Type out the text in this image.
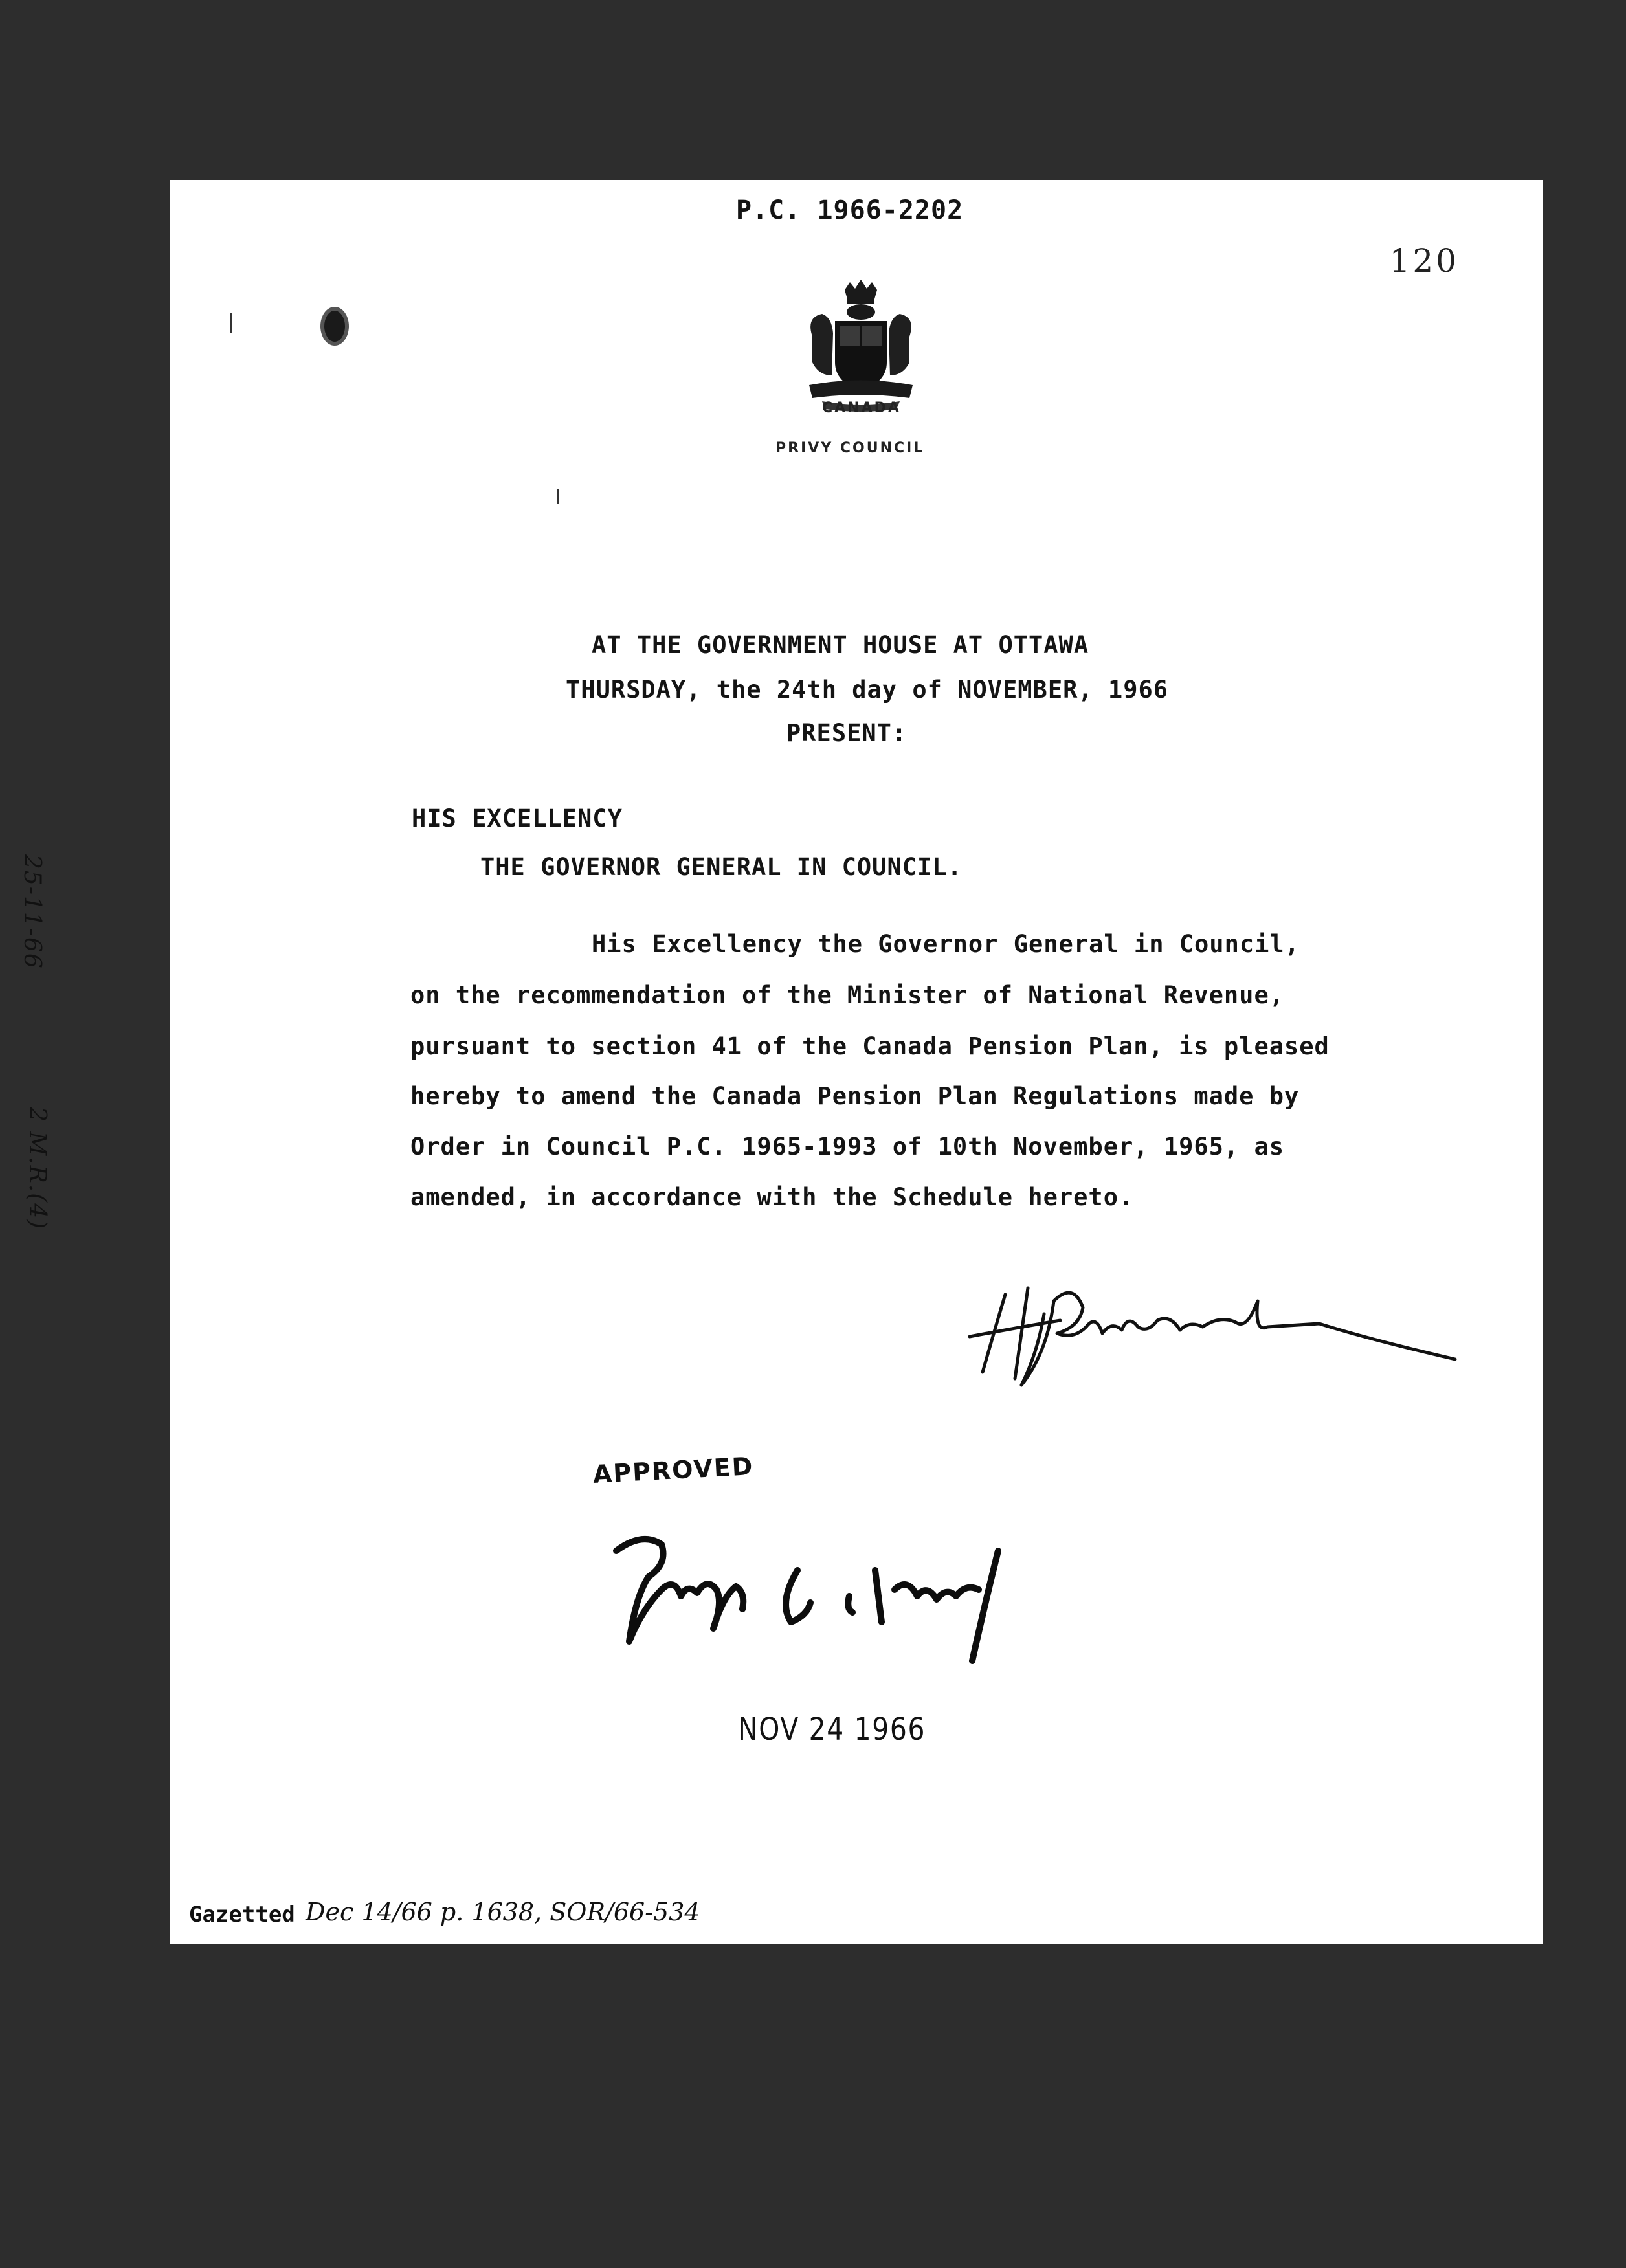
P.C. 1966-2202
120
CANADA
PRIVY COUNCIL
AT THE GOVERNMENT HOUSE AT OTTAWA
THURSDAY, the 24th day of NOVEMBER, 1966
PRESENT:
HIS EXCELLENCY
THE GOVERNOR GENERAL IN COUNCIL.
His Excellency the Governor General in Council,
on the recommendation of the Minister of National Revenue,
pursuant to section 41 of the Canada Pension Plan, is pleased
hereby to amend the Canada Pension Plan Regulations made by
Order in Council P.C. 1965-1993 of 10th November, 1965, as
amended, in accordance with the Schedule hereto.
APPROVED
NOV 24 1966
Gazetted Dec 14/66 p. 1638, SOR/66-534
25-11-66
2 M.R.(4)
